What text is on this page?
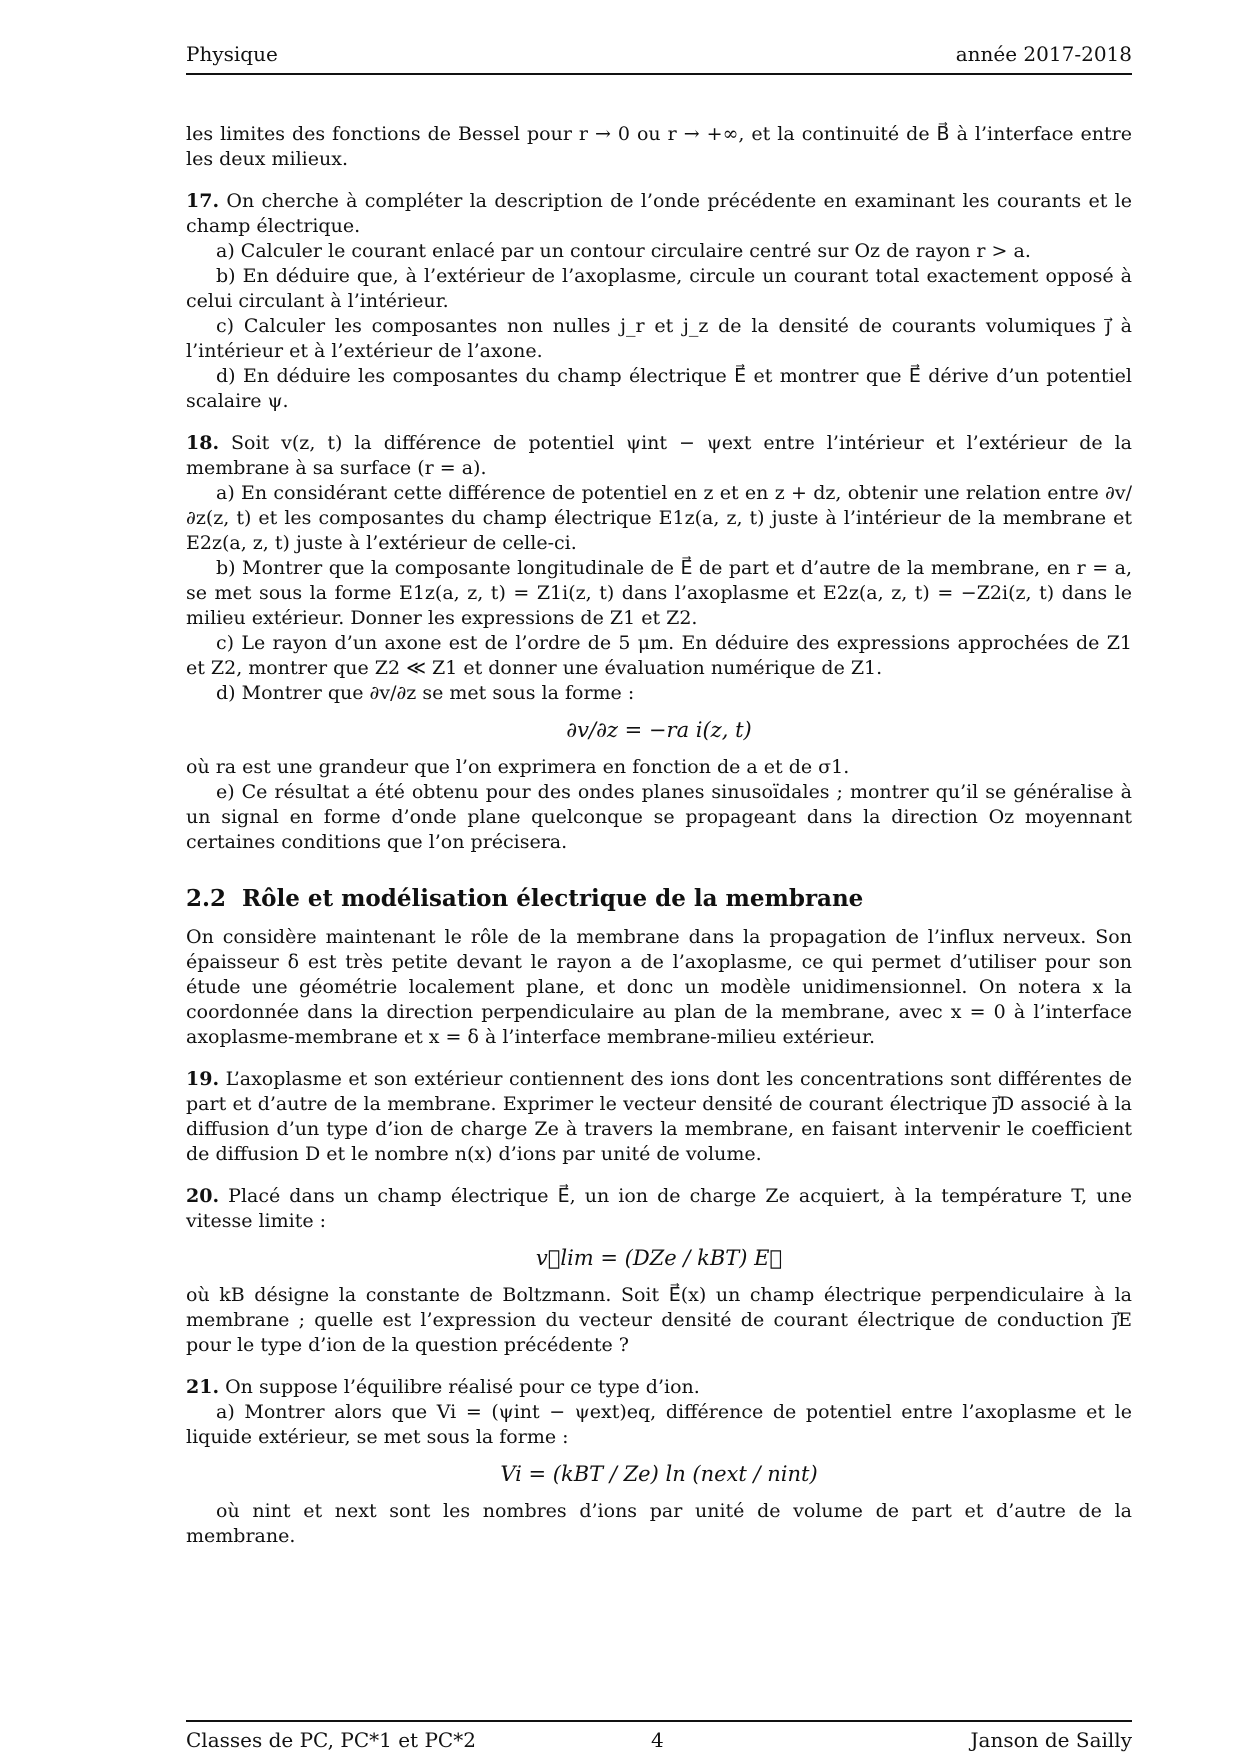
Physique	année 2017-2018

les limites des fonctions de Bessel pour r → 0 ou r → +∞, et la continuité de B⃗ à l’interface entre les deux milieux.

17. On cherche à compléter la description de l’onde précédente en examinant les courants et le champ électrique.

a) Calculer le courant enlacé par un contour circulaire centré sur Oz de rayon r > a.

b) En déduire que, à l’extérieur de l’axoplasme, circule un courant total exactement opposé à celui circulant à l’intérieur.

c) Calculer les composantes non nulles j_r et j_z de la densité de courants volumiques j⃗ à l’intérieur et à l’extérieur de l’axone.

d) En déduire les composantes du champ électrique E⃗ et montrer que E⃗ dérive d’un potentiel scalaire ψ.

18. Soit v(z, t) la différence de potentiel ψint − ψext entre l’intérieur et l’extérieur de la membrane à sa surface (r = a).

a) En considérant cette différence de potentiel en z et en z + dz, obtenir une relation entre ∂v/∂z(z, t) et les composantes du champ électrique E1z(a, z, t) juste à l’intérieur de la membrane et E2z(a, z, t) juste à l’extérieur de celle-ci.

b) Montrer que la composante longitudinale de E⃗ de part et d’autre de la membrane, en r = a, se met sous la forme E1z(a, z, t) = Z1i(z, t) dans l’axoplasme et E2z(a, z, t) = −Z2i(z, t) dans le milieu extérieur. Donner les expressions de Z1 et Z2.

c) Le rayon d’un axone est de l’ordre de 5 μm. En déduire des expressions approchées de Z1 et Z2, montrer que Z2 ≪ Z1 et donner une évaluation numérique de Z1.

d) Montrer que ∂v/∂z se met sous la forme :

∂v/∂z = −ra i(z, t)

où ra est une grandeur que l’on exprimera en fonction de a et de σ1.

e) Ce résultat a été obtenu pour des ondes planes sinusoïdales ; montrer qu’il se généralise à un signal en forme d’onde plane quelconque se propageant dans la direction Oz moyennant certaines conditions que l’on précisera.

2.2 Rôle et modélisation électrique de la membrane

On considère maintenant le rôle de la membrane dans la propagation de l’influx nerveux. Son épaisseur δ est très petite devant le rayon a de l’axoplasme, ce qui permet d’utiliser pour son étude une géométrie localement plane, et donc un modèle unidimensionnel. On notera x la coordonnée dans la direction perpendiculaire au plan de la membrane, avec x = 0 à l’interface axoplasme-membrane et x = δ à l’interface membrane-milieu extérieur.

19. L’axoplasme et son extérieur contiennent des ions dont les concentrations sont différentes de part et d’autre de la membrane. Exprimer le vecteur densité de courant électrique j⃗D associé à la diffusion d’un type d’ion de charge Ze à travers la membrane, en faisant intervenir le coefficient de diffusion D et le nombre n(x) d’ions par unité de volume.

20. Placé dans un champ électrique E⃗, un ion de charge Ze acquiert, à la température T, une vitesse limite :

v⃗lim = (DZe / kBT) E⃗

où kB désigne la constante de Boltzmann. Soit E⃗(x) un champ électrique perpendiculaire à la membrane ; quelle est l’expression du vecteur densité de courant électrique de conduction j⃗E pour le type d’ion de la question précédente ?

21. On suppose l’équilibre réalisé pour ce type d’ion.

a) Montrer alors que Vi = (ψint − ψext)eq, différence de potentiel entre l’axoplasme et le liquide extérieur, se met sous la forme :

Vi = (kBT / Ze) ln (next / nint)

où nint et next sont les nombres d’ions par unité de volume de part et d’autre de la membrane.

Classes de PC, PC*1 et PC*2	4	Janson de Sailly
